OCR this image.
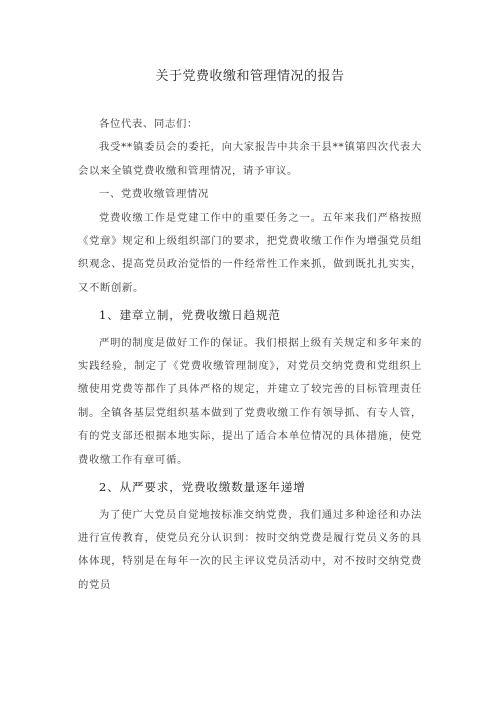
关于党费收缴和管理情况的报告

各位代表、同志们：

我受**镇委员会的委托，向大家报告中共余干县**镇第四次代表大会以来全镇党费收缴和管理情况，请予审议。

一、党费收缴管理情况

党费收缴工作是党建工作中的重要任务之一。五年来我们严格按照《党章》规定和上级组织部门的要求，把党费收缴工作作为增强党员组织观念、提高党员政治觉悟的一件经常性工作来抓，做到既扎扎实实，又不断创新。

1、建章立制，党费收缴日趋规范

严明的制度是做好工作的保证。我们根据上级有关规定和多年来的实践经验，制定了《党费收缴管理制度》，对党员交纳党费和党组织上缴使用党费等都作了具体严格的规定，并建立了较完善的目标管理责任制。全镇各基层党组织基本做到了党费收缴工作有领导抓、有专人管，有的党支部还根据本地实际，提出了适合本单位情况的具体措施，使党费收缴工作有章可循。

2、从严要求，党费收缴数量逐年递增

为了使广大党员自觉地按标准交纳党费，我们通过多种途径和办法进行宣传教育，使党员充分认识到：按时交纳党费是履行党员义务的具体体现，特别是在每年一次的民主评议党员活动中，对不按时交纳党费的党员
